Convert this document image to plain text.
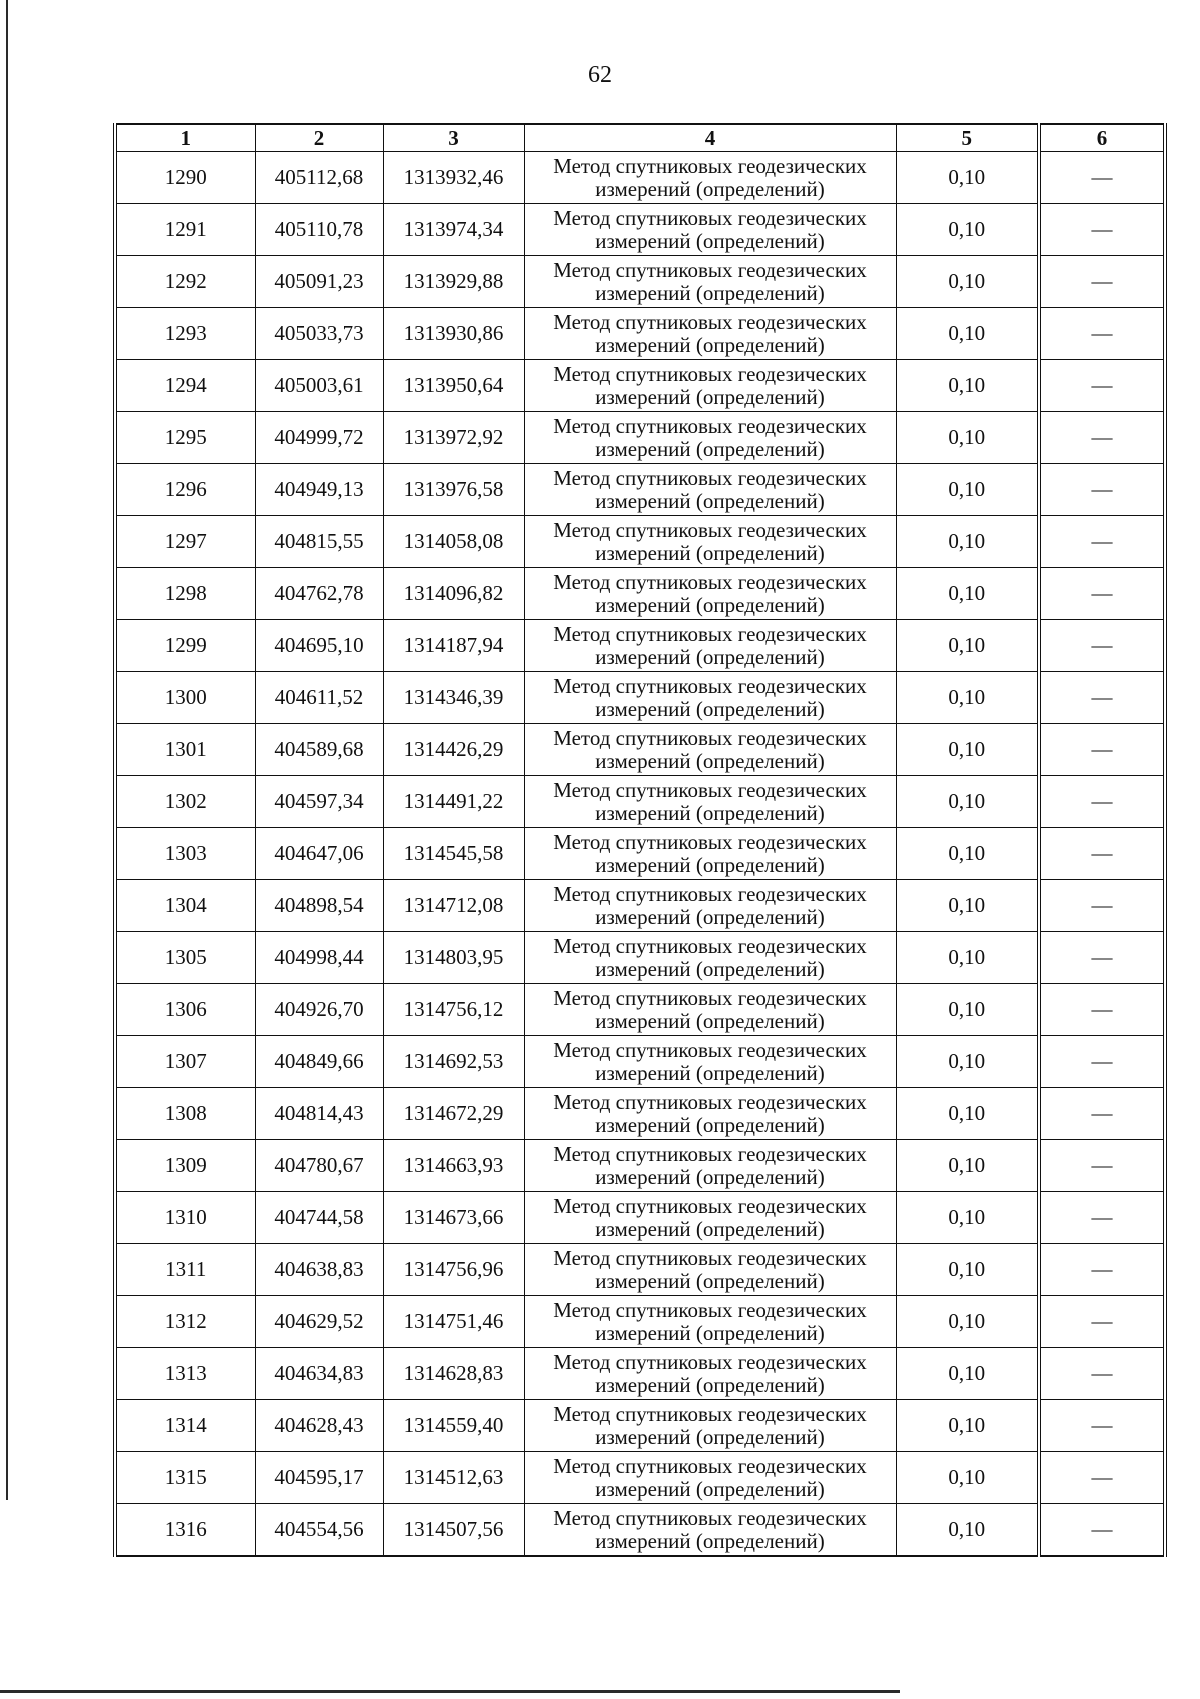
62
1	2	3	4	5	6
1290	405112,68	1313932,46	Метод спутниковых геодезических
измерений (определений)	0,10	—
1291	405110,78	1313974,34	Метод спутниковых геодезических
измерений (определений)	0,10	—
1292	405091,23	1313929,88	Метод спутниковых геодезических
измерений (определений)	0,10	—
1293	405033,73	1313930,86	Метод спутниковых геодезических
измерений (определений)	0,10	—
1294	405003,61	1313950,64	Метод спутниковых геодезических
измерений (определений)	0,10	—
1295	404999,72	1313972,92	Метод спутниковых геодезических
измерений (определений)	0,10	—
1296	404949,13	1313976,58	Метод спутниковых геодезических
измерений (определений)	0,10	—
1297	404815,55	1314058,08	Метод спутниковых геодезических
измерений (определений)	0,10	—
1298	404762,78	1314096,82	Метод спутниковых геодезических
измерений (определений)	0,10	—
1299	404695,10	1314187,94	Метод спутниковых геодезических
измерений (определений)	0,10	—
1300	404611,52	1314346,39	Метод спутниковых геодезических
измерений (определений)	0,10	—
1301	404589,68	1314426,29	Метод спутниковых геодезических
измерений (определений)	0,10	—
1302	404597,34	1314491,22	Метод спутниковых геодезических
измерений (определений)	0,10	—
1303	404647,06	1314545,58	Метод спутниковых геодезических
измерений (определений)	0,10	—
1304	404898,54	1314712,08	Метод спутниковых геодезических
измерений (определений)	0,10	—
1305	404998,44	1314803,95	Метод спутниковых геодезических
измерений (определений)	0,10	—
1306	404926,70	1314756,12	Метод спутниковых геодезических
измерений (определений)	0,10	—
1307	404849,66	1314692,53	Метод спутниковых геодезических
измерений (определений)	0,10	—
1308	404814,43	1314672,29	Метод спутниковых геодезических
измерений (определений)	0,10	—
1309	404780,67	1314663,93	Метод спутниковых геодезических
измерений (определений)	0,10	—
1310	404744,58	1314673,66	Метод спутниковых геодезических
измерений (определений)	0,10	—
1311	404638,83	1314756,96	Метод спутниковых геодезических
измерений (определений)	0,10	—
1312	404629,52	1314751,46	Метод спутниковых геодезических
измерений (определений)	0,10	—
1313	404634,83	1314628,83	Метод спутниковых геодезических
измерений (определений)	0,10	—
1314	404628,43	1314559,40	Метод спутниковых геодезических
измерений (определений)	0,10	—
1315	404595,17	1314512,63	Метод спутниковых геодезических
измерений (определений)	0,10	—
1316	404554,56	1314507,56	Метод спутниковых геодезических
измерений (определений)	0,10	—
